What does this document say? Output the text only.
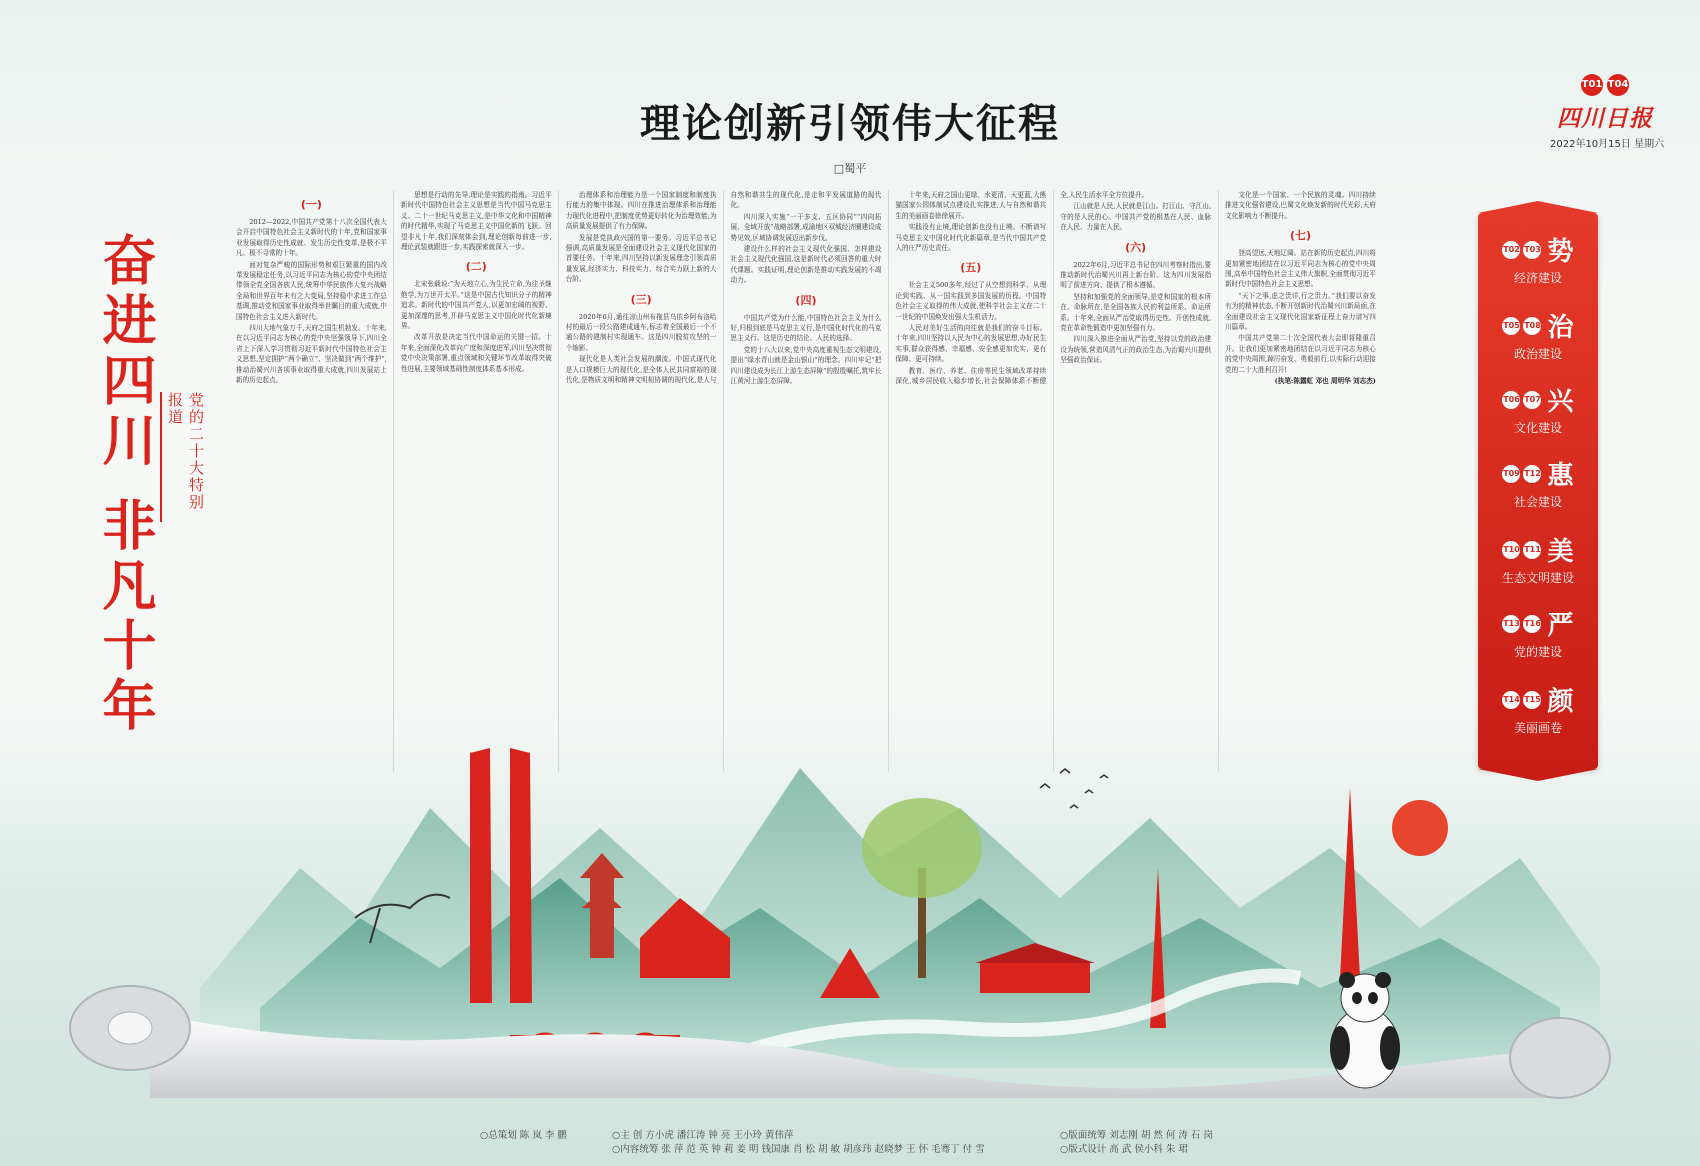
T01 T04
四川日报
2022年10月15日 星期六
理论创新引领伟大征程
□蜀平
奋进四川 非凡十年	党的二十大特别报道
(一)

2012—2022,中国共产党第十八次全国代表大会开启中国特色社会主义新时代的十年,党和国家事业发展取得历史性成就、发生历史性变革,是极不平凡、极不寻常的十年。

面对复杂严峻的国际形势和艰巨繁重的国内改革发展稳定任务,以习近平同志为核心的党中央团结带领全党全国各族人民,统筹中华民族伟大复兴战略全局和世界百年未有之大变局,坚持稳中求进工作总基调,推动党和国家事业取得举世瞩目的重大成就,中国特色社会主义进入新时代。

四川大地气象万千,天府之国生机勃发。十年来,在以习近平同志为核心的党中央坚强领导下,四川全省上下深入学习贯彻习近平新时代中国特色社会主义思想,坚定拥护“两个确立”、坚决做到“两个维护”,推动治蜀兴川各项事业取得重大成就,四川发展站上新的历史起点。

思想是行动的先导,理论是实践的指南。习近平新时代中国特色社会主义思想是当代中国马克思主义、二十一世纪马克思主义,是中华文化和中国精神的时代精华,实现了马克思主义中国化新的飞跃。回望非凡十年,我们深刻体会到,理论创新每前进一步,理论武装就跟进一步,实践探索就深入一步。

(二)

北宋张载说:“为天地立心,为生民立命,为往圣继绝学,为万世开太平。”这是中国古代知识分子的精神追求。新时代的中国共产党人,以更加宏阔的视野、更加深邃的思考,开辟马克思主义中国化时代化新境界。

改革开放是决定当代中国命运的关键一招。十年来,全面深化改革向广度和深度进军,四川坚决贯彻党中央决策部署,重点领域和关键环节改革取得突破性进展,主要领域基础性制度体系基本形成。

治理体系和治理能力是一个国家制度和制度执行能力的集中体现。四川在推进治理体系和治理能力现代化进程中,把制度优势更好转化为治理效能,为高质量发展提供了有力保障。

发展是党执政兴国的第一要务。习近平总书记强调,高质量发展是全面建设社会主义现代化国家的首要任务。十年来,四川坚持以新发展理念引领高质量发展,经济实力、科技实力、综合实力跃上新的大台阶。

(三)

2020年6月,通往凉山州布拖县乌依乡阿布洛哈村的最后一段公路建成通车,标志着全国最后一个不通公路的建制村实现通车。这是四川脱贫攻坚的一个缩影。

现代化是人类社会发展的潮流。中国式现代化是人口规模巨大的现代化,是全体人民共同富裕的现代化,是物质文明和精神文明相协调的现代化,是人与自然和谐共生的现代化,是走和平发展道路的现代化。

四川深入实施“一干多支、五区协同”“四向拓展、全域开放”战略部署,成渝地区双城经济圈建设成势见效,区域协调发展迈出新步伐。

建设什么样的社会主义现代化强国、怎样建设社会主义现代化强国,这是新时代必须回答的重大时代课题。实践证明,理论创新是推动实践发展的不竭动力。

(四)

中国共产党为什么能,中国特色社会主义为什么好,归根到底是马克思主义行,是中国化时代化的马克思主义行。这是历史的结论、人民的选择。

党的十八大以来,党中央高度重视生态文明建设,提出“绿水青山就是金山银山”的理念。四川牢记“把四川建设成为长江上游生态屏障”的殷殷嘱托,筑牢长江黄河上游生态屏障。

十年来,天府之国山更绿、水更清、天更蓝,大熊猫国家公园体制试点建设扎实推进,人与自然和谐共生的美丽画卷徐徐展开。

实践没有止境,理论创新也没有止境。不断谱写马克思主义中国化时代化新篇章,是当代中国共产党人的庄严历史责任。

(五)

社会主义500多年,经过了从空想到科学、从理论到实践、从一国实践到多国发展的历程。中国特色社会主义取得的伟大成就,使科学社会主义在二十一世纪的中国焕发出强大生机活力。

人民对美好生活的向往就是我们的奋斗目标。十年来,四川坚持以人民为中心的发展思想,办好民生实事,群众获得感、幸福感、安全感更加充实、更有保障、更可持续。

教育、医疗、养老、住房等民生领域改革持续深化,城乡居民收入稳步增长,社会保障体系不断健全,人民生活水平全方位提升。

江山就是人民,人民就是江山。打江山、守江山,守的是人民的心。中国共产党的根基在人民、血脉在人民、力量在人民。

(六)

2022年6月,习近平总书记在四川考察时指出,要推动新时代治蜀兴川再上新台阶。这为四川发展指明了前进方向、提供了根本遵循。

坚持和加强党的全面领导,是党和国家的根本所在、命脉所在,是全国各族人民的利益所系、命运所系。十年来,全面从严治党取得历史性、开创性成就,党在革命性锻造中更加坚强有力。

四川深入推进全面从严治党,坚持以党的政治建设为统领,营造风清气正的政治生态,为治蜀兴川提供坚强政治保证。

文化是一个国家、一个民族的灵魂。四川持续推进文化强省建设,巴蜀文化焕发新的时代光彩,天府文化影响力不断提升。

(七)

登高望远,天地辽阔。站在新的历史起点,四川将更加紧密地团结在以习近平同志为核心的党中央周围,高举中国特色社会主义伟大旗帜,全面贯彻习近平新时代中国特色社会主义思想。

“天下之事,虑之贵详,行之贵力。”我们要以奋发有为的精神状态,不断开创新时代治蜀兴川新局面,在全面建设社会主义现代化国家新征程上奋力谱写四川篇章。

中国共产党第二十次全国代表大会即将隆重召开。让我们更加紧密地团结在以习近平同志为核心的党中央周围,踔厉奋发、勇毅前行,以实际行动迎接党的二十大胜利召开!

(执笔:陈露虹 邓也 周明华 刘志杰)

T02 T03 势
经济建设
T05 T08 治
政治建设
T06 T07 兴
文化建设
T09 T12 惠
社会建设
T10 T11 美
生态文明建设
T13 T16 严
党的建设
T14 T15 颜
美丽画卷
○总策划 陈 岚 李 鹏	○主 创 方小虎 潘江涛 钟 亮 王小玲 黄伟萍
○内容统筹 张 萍 范 英 钟 莉 姜 明 钱国康 肖 松 胡 敏 胡彦玮 赵晓梦 王 怀 毛骞丁 付 雪
○版面统筹 刘志刚 胡 然 何 涛 石 岗
○版式设计 高 武 侯小科 朱 珺
